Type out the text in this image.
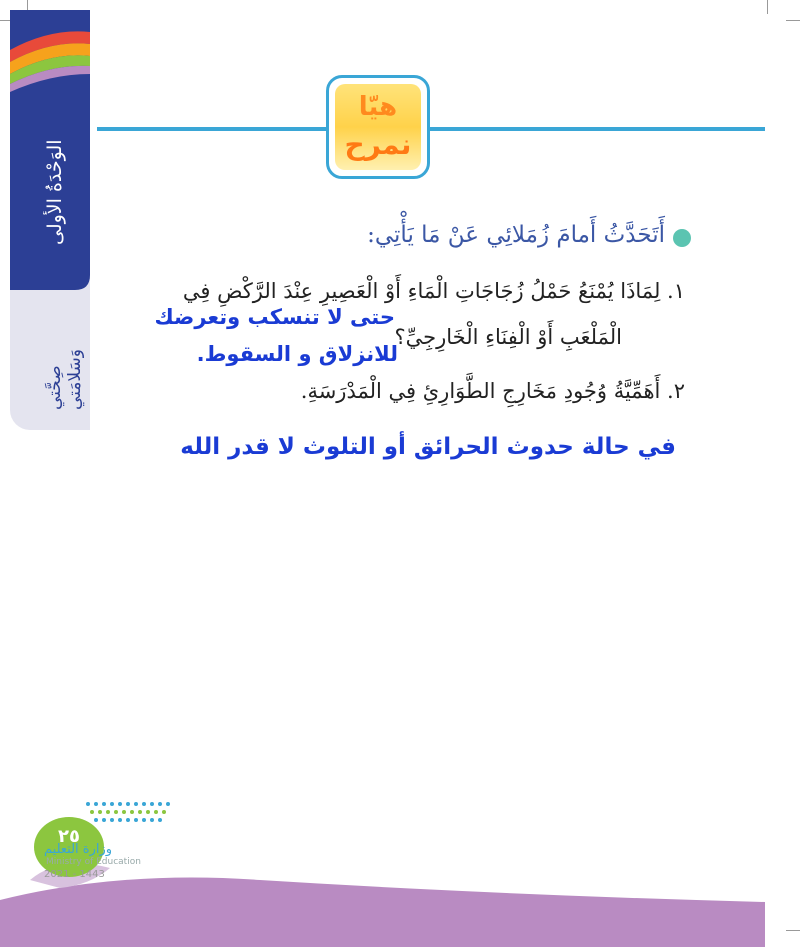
الوَحْدَةُ الأولى
صِحَّتي وَسَلامَتي
هيّا
نمرح
أَتَحَدَّثُ أَمامَ زُمَلائِي عَنْ مَا يَأْتِي:
١. لِمَاذَا يُمْنَعُ حَمْلُ زُجَاجَاتِ الْمَاءِ أَوْ الْعَصِيرِ عِنْدَ الرَّكْضِ فِي
الْمَلْعَبِ أَوْ الْفِنَاءِ الْخَارِجِيِّ؟
٢. أَهَمِّيَّةُ وُجُودِ مَخَارِجِ الطَّوَارِئِ فِي الْمَدْرَسَةِ.
حتى لا تنسكب وتعرضك
للانزلاق و السقوط.
في حالة حدوث الحرائق أو التلوث لا قدر الله
٢٥
وزارة التعليم
Ministry of Education
2021 - 1443
